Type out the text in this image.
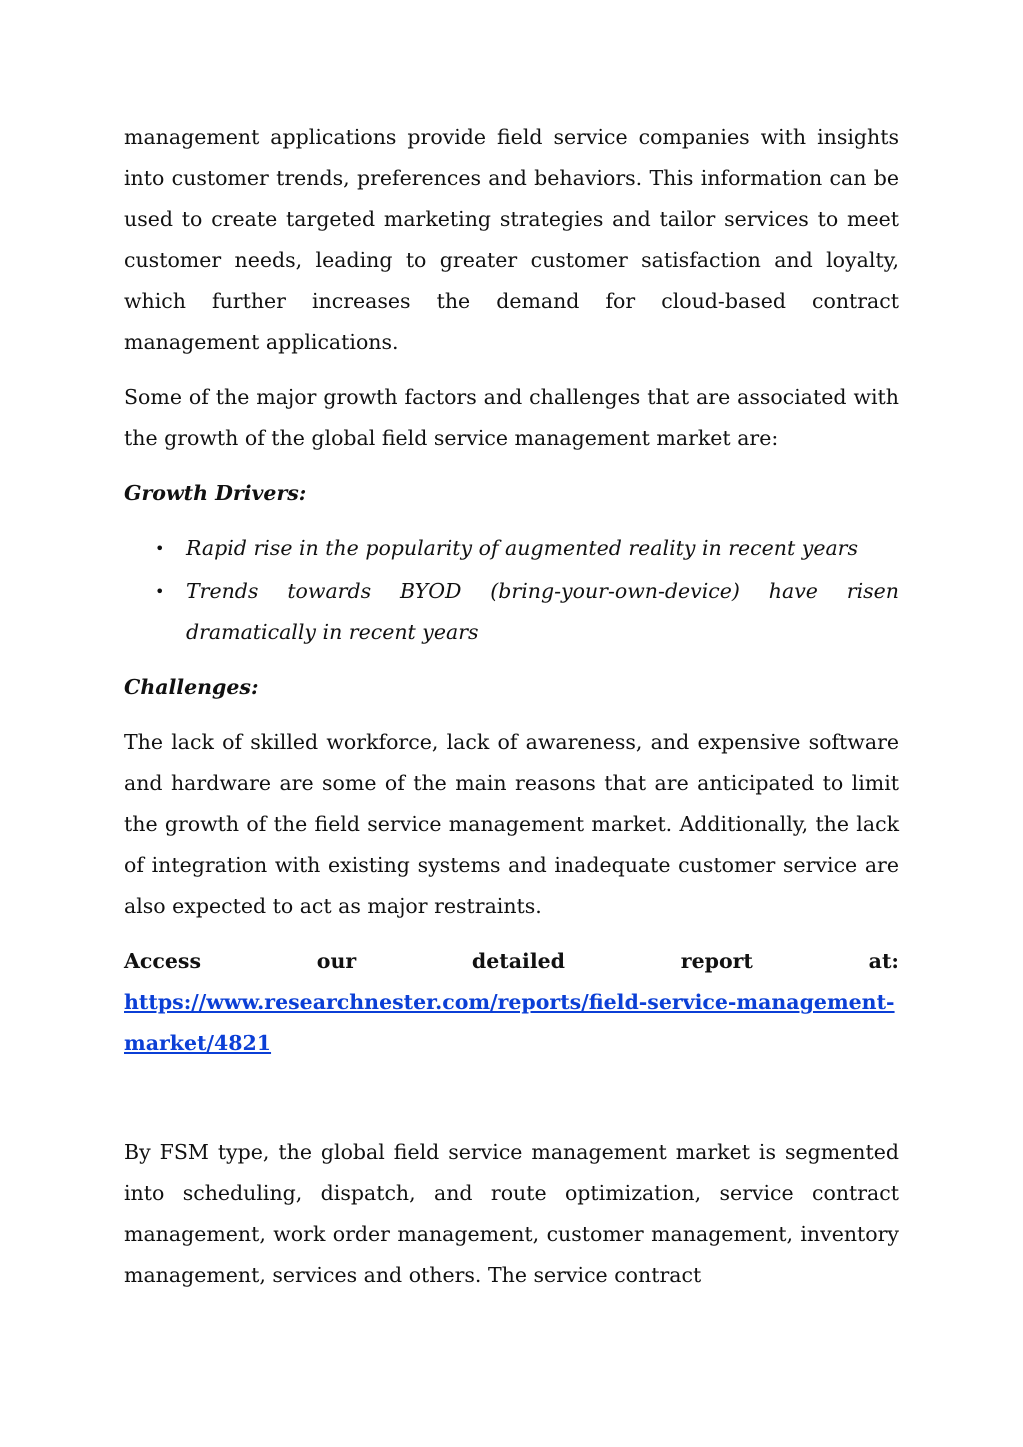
management applications provide field service companies with insights into customer trends, preferences and behaviors. This information can be used to create targeted marketing strategies and tailor services to meet customer needs, leading to greater customer satisfaction and loyalty, which further increases the demand for cloud-based contract management applications.

Some of the major growth factors and challenges that are associated with the growth of the global field service management market are:

Growth Drivers:

• Rapid rise in the popularity of augmented reality in recent years
• Trends towards BYOD (bring-your-own-device) have risen dramatically in recent years

Challenges:

The lack of skilled workforce, lack of awareness, and expensive software and hardware are some of the main reasons that are anticipated to limit the growth of the field service management market. Additionally, the lack of integration with existing systems and inadequate customer service are also expected to act as major restraints.

Access	our	detailed	report	at:
https://www.researchnester.com/reports/field-service-management-market/4821

By FSM type, the global field service management market is segmented into scheduling, dispatch, and route optimization, service contract management, work order management, customer management, inventory management, services and others. The service contract
